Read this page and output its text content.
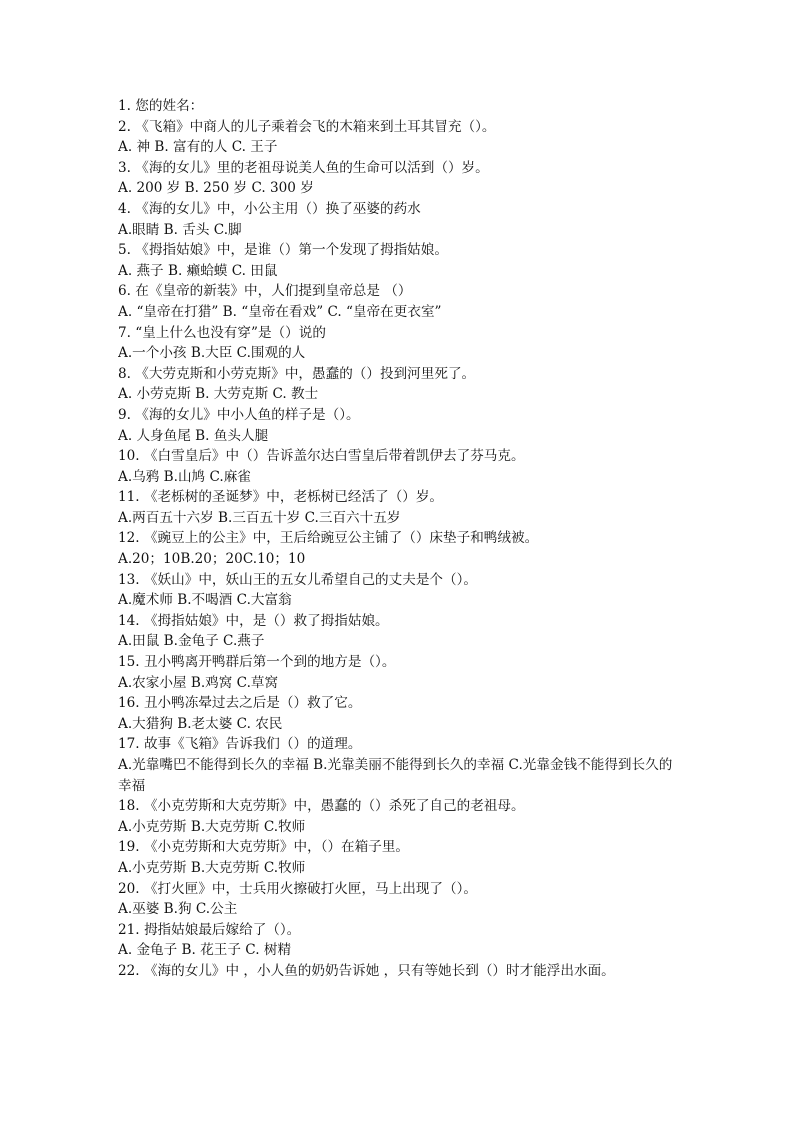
1. 您的姓名：
2. 《飞箱》中商人的儿子乘着会飞的木箱来到土耳其冒充（）。
A. 神 B. 富有的人 C. 王子
3. 《海的女儿》里的老祖母说美人鱼的生命可以活到（）岁。
A. 200 岁 B. 250 岁 C. 300 岁
4. 《海的女儿》中，小公主用（）换了巫婆的药水
A.眼睛 B. 舌头 C.脚
5. 《拇指姑娘》中，是谁（）第一个发现了拇指姑娘。
A. 燕子 B. 癞蛤蟆 C. 田鼠
6. 在《皇帝的新装》中，人们提到皇帝总是 （）
A. “皇帝在打猎” B. “皇帝在看戏” C. “皇帝在更衣室”
7. “皇上什么也没有穿”是（）说的
A.一个小孩 B.大臣 C.围观的人
8. 《大劳克斯和小劳克斯》中，愚蠢的（）投到河里死了。
A. 小劳克斯 B. 大劳克斯 C. 教士
9. 《海的女儿》中小人鱼的样子是（）。
A. 人身鱼尾 B. 鱼头人腿
10. 《白雪皇后》中（）告诉盖尔达白雪皇后带着凯伊去了芬马克。
A.乌鸦 B.山鸠 C.麻雀
11. 《老栎树的圣诞梦》中，老栎树已经活了（）岁。
A.两百五十六岁 B.三百五十岁 C.三百六十五岁
12. 《豌豆上的公主》中，王后给豌豆公主铺了（）床垫子和鸭绒被。
A.20；10B.20；20C.10；10
13. 《妖山》中，妖山王的五女儿希望自己的丈夫是个（）。
A.魔术师 B.不喝酒 C.大富翁
14. 《拇指姑娘》中，是（）救了拇指姑娘。
A.田鼠 B.金龟子 C.燕子
15. 丑小鸭离开鸭群后第一个到的地方是（）。
A.农家小屋 B.鸡窝 C.草窝
16. 丑小鸭冻晕过去之后是（）救了它。
A.大猎狗 B.老太婆 C. 农民
17. 故事《飞箱》告诉我们（）的道理。
A.光靠嘴巴不能得到长久的幸福 B.光靠美丽不能得到长久的幸福 C.光靠金钱不能得到长久的幸福
18. 《小克劳斯和大克劳斯》中，愚蠢的（）杀死了自己的老祖母。
A.小克劳斯 B.大克劳斯 C.牧师
19. 《小克劳斯和大克劳斯》中，（）在箱子里。
A.小克劳斯 B.大克劳斯 C.牧师
20. 《打火匣》中，士兵用火擦破打火匣，马上出现了（）。
A.巫婆 B.狗 C.公主
21. 拇指姑娘最后嫁给了（）。
A. 金龟子 B. 花王子 C. 树精
22. 《海的女儿》中 ，小人鱼的奶奶告诉她 ，只有等她长到（）时才能浮出水面。
